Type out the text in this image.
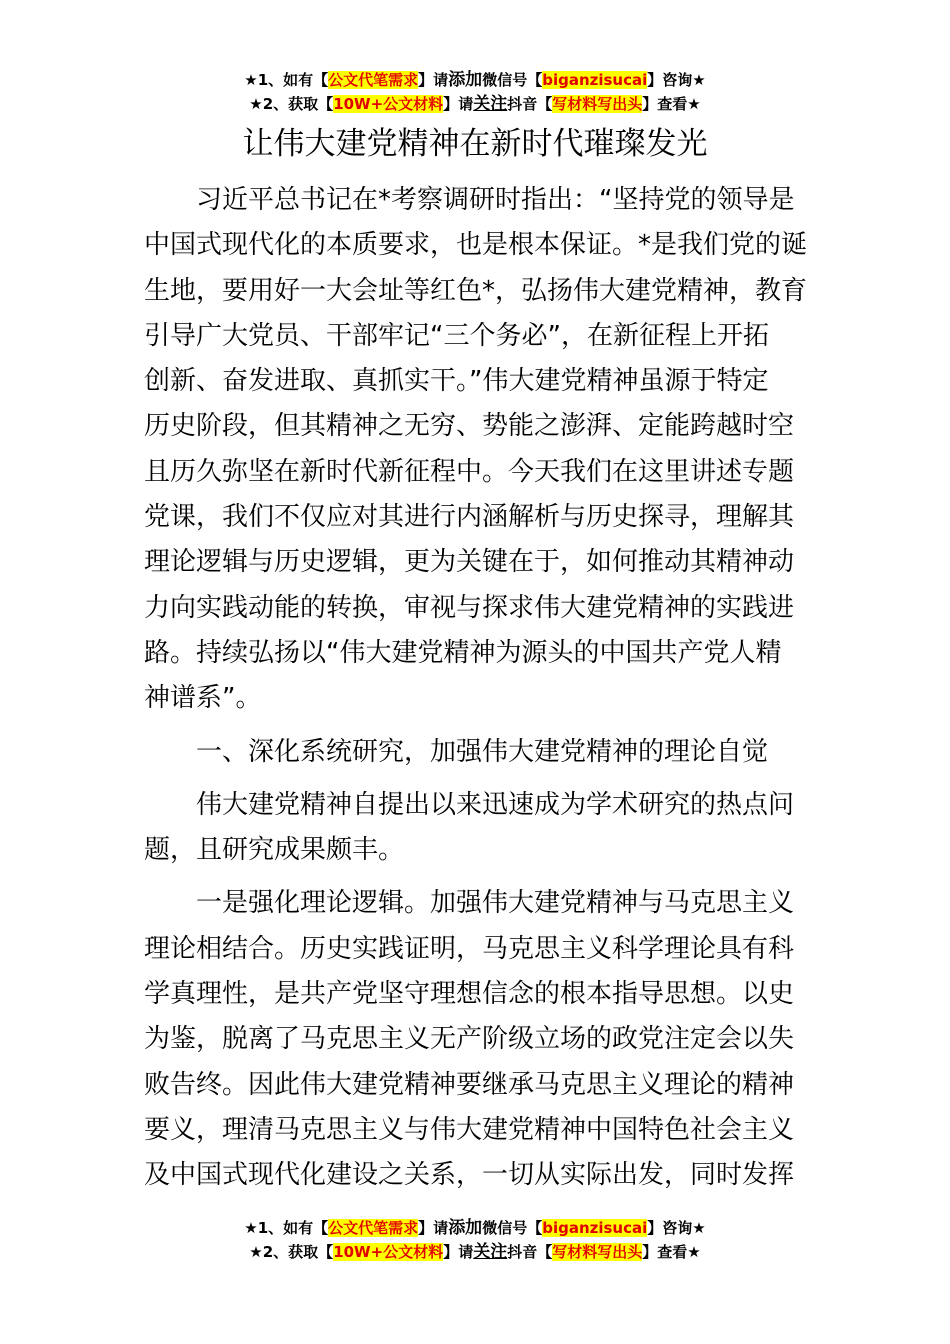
★1、如有【公文代笔需求】请添加微信号【biganzisucai】咨询★
★2、获取【10W+公文材料】请关注抖音【写材料写出头】查看★
让伟大建党精神在新时代璀璨发光

　　习近平总书记在*考察调研时指出：“坚持党的领导是
中国式现代化的本质要求，也是根本保证。*是我们党的诞
生地，要用好一大会址等红色*，弘扬伟大建党精神，教育
引导广大党员、干部牢记“三个务必”，在新征程上开拓
创新、奋发进取、真抓实干。”伟大建党精神虽源于特定
历史阶段，但其精神之无穷、势能之澎湃、定能跨越时空
且历久弥坚在新时代新征程中。今天我们在这里讲述专题
党课，我们不仅应对其进行内涵解析与历史探寻，理解其
理论逻辑与历史逻辑，更为关键在于，如何推动其精神动
力向实践动能的转换，审视与探求伟大建党精神的实践进
路。持续弘扬以“伟大建党精神为源头的中国共产党人精
神谱系”。

　　一、深化系统研究，加强伟大建党精神的理论自觉

　　伟大建党精神自提出以来迅速成为学术研究的热点问
题，且研究成果颇丰。

　　一是强化理论逻辑。加强伟大建党精神与马克思主义
理论相结合。历史实践证明，马克思主义科学理论具有科
学真理性，是共产党坚守理想信念的根本指导思想。以史
为鉴，脱离了马克思主义无产阶级立场的政党注定会以失
败告终。因此伟大建党精神要继承马克思主义理论的精神
要义，理清马克思主义与伟大建党精神中国特色社会主义
及中国式现代化建设之关系，一切从实际出发，同时发挥

★1、如有【公文代笔需求】请添加微信号【biganzisucai】咨询★
★2、获取【10W+公文材料】请关注抖音【写材料写出头】查看★
